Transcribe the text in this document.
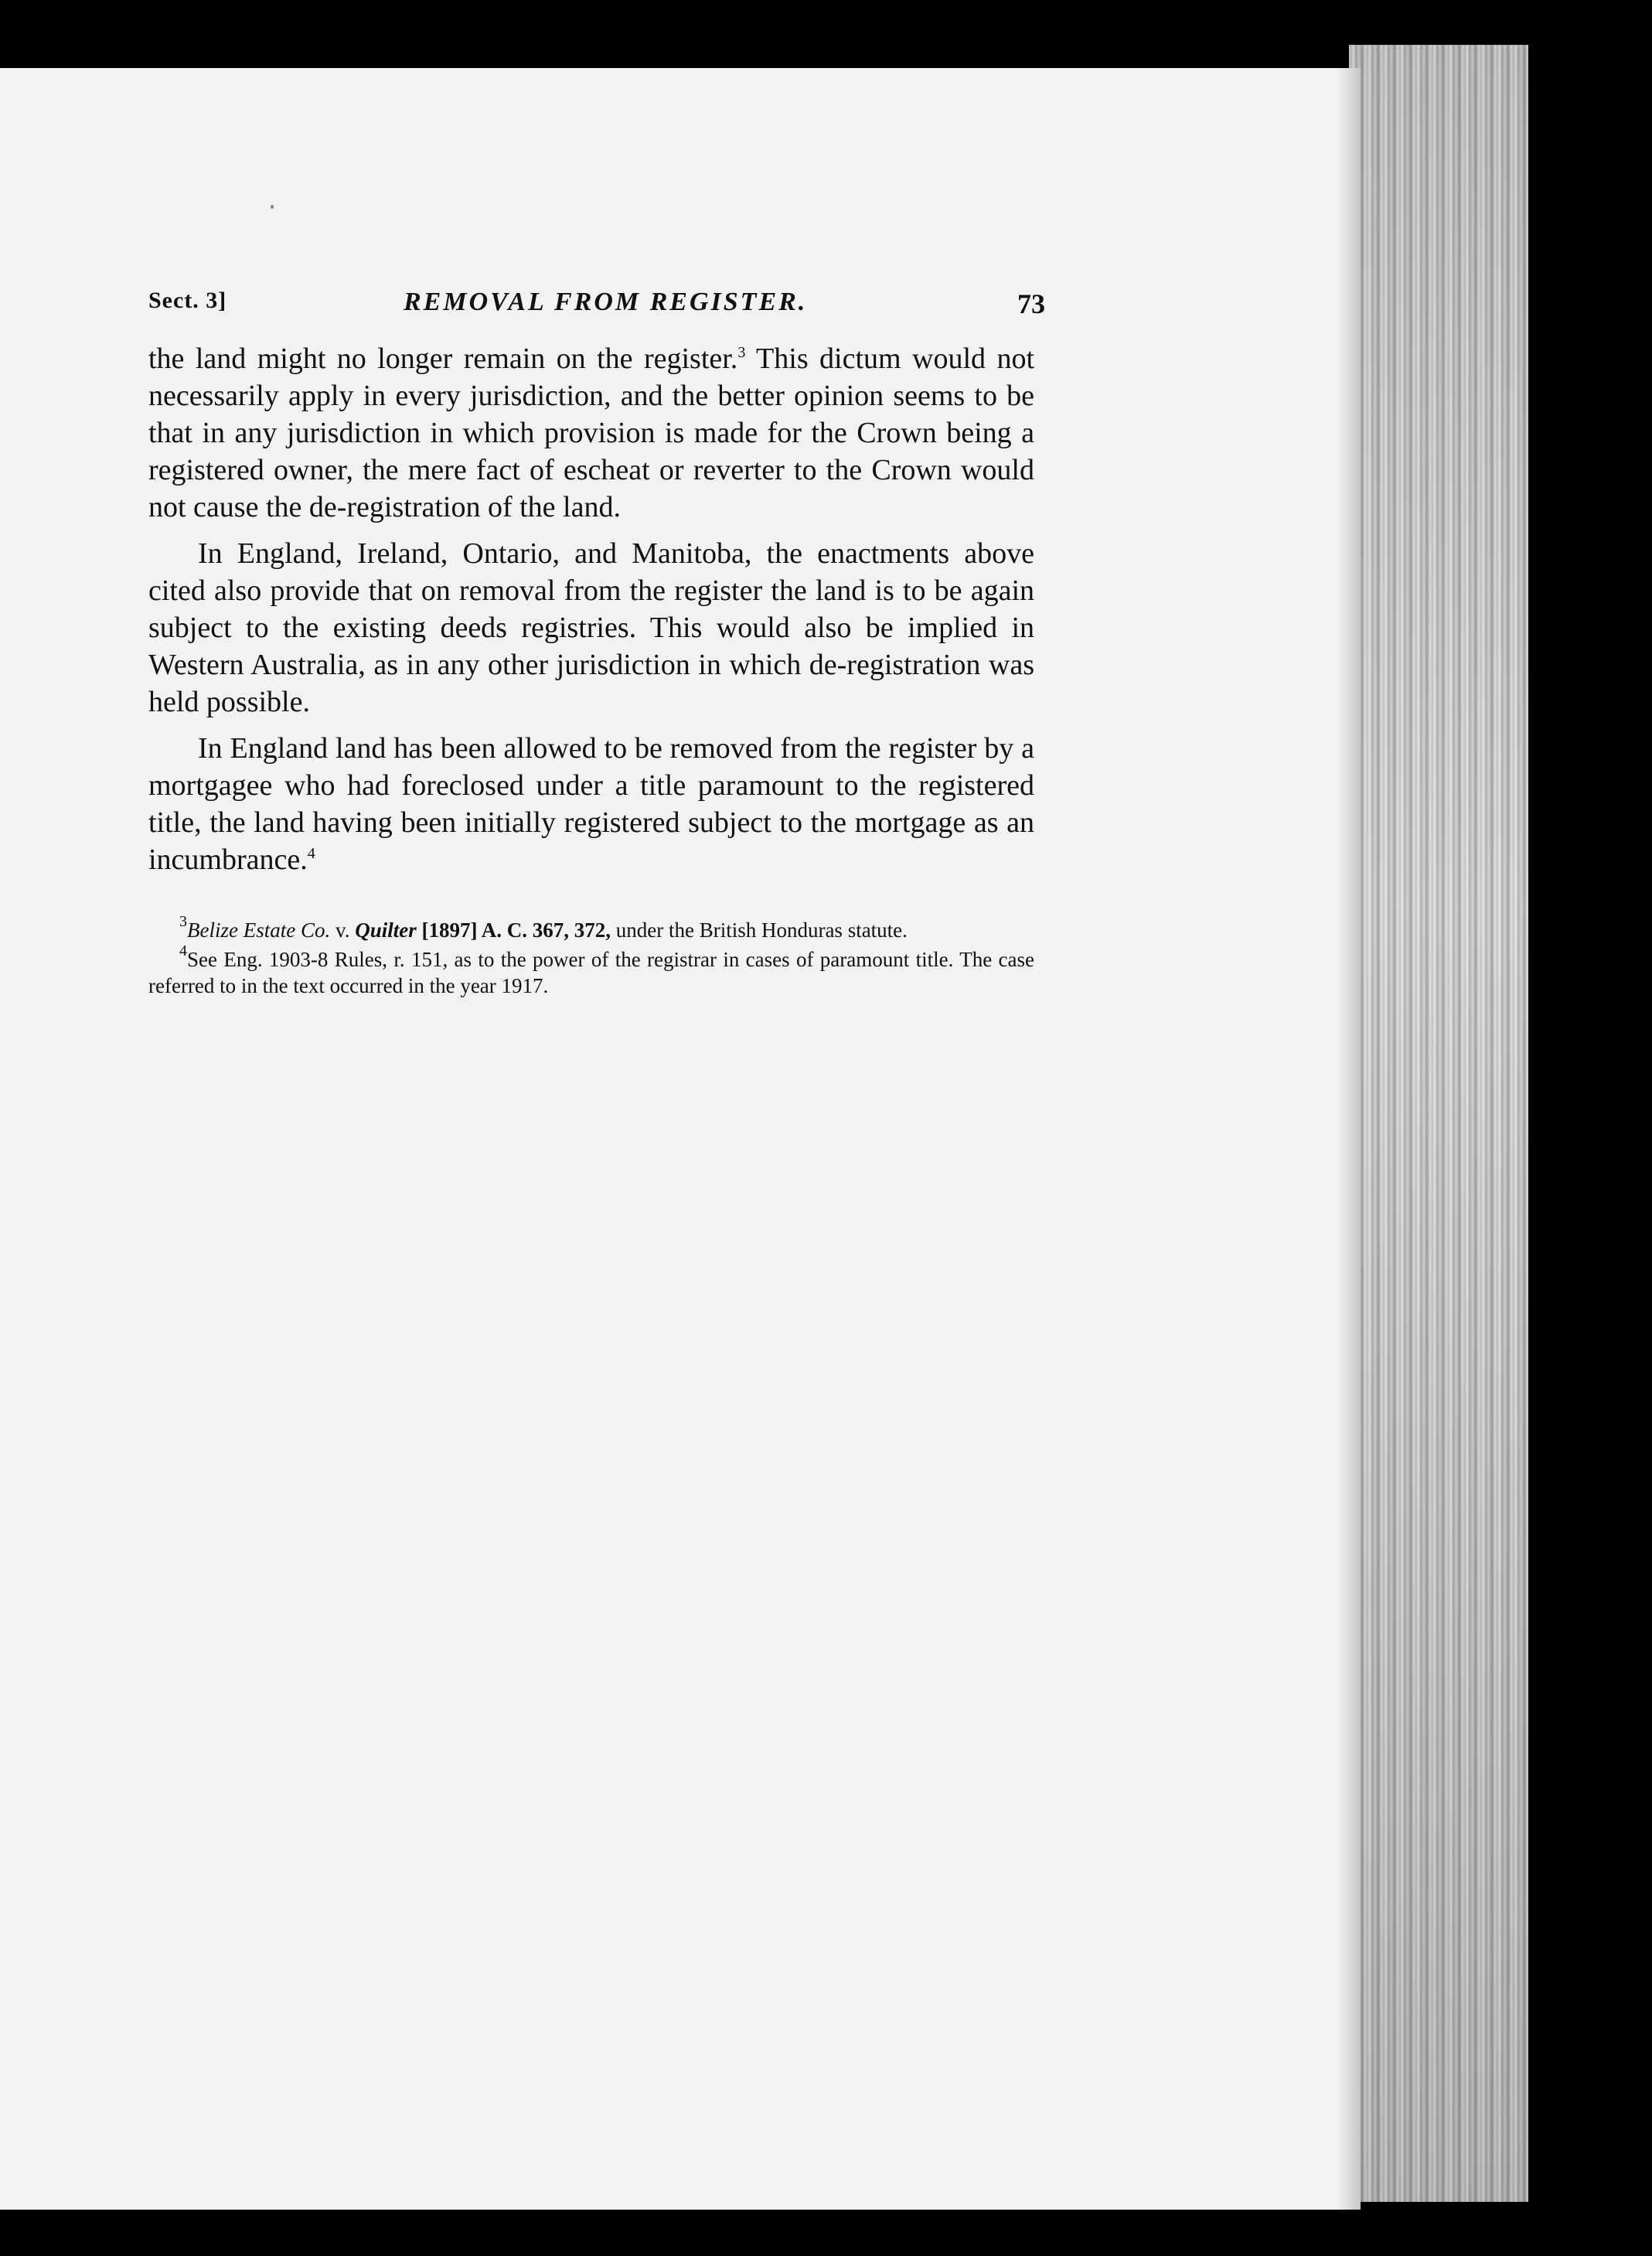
Sect. 3]	REMOVAL FROM REGISTER.	73

the land might no longer remain on the register.$^3$ This dictum would not necessarily apply in every jurisdiction, and the better opinion seems to be that in any jurisdiction in which provision is made for the Crown being a registered owner, the mere fact of escheat or reverter to the Crown would not cause the de-registration of the land.

In England, Ireland, Ontario, and Manitoba, the enactments above cited also provide that on removal from the register the land is to be again subject to the existing deeds registries. This would also be implied in Western Australia, as in any other jurisdiction in which de-registration was held possible.

In England land has been allowed to be removed from the register by a mortgagee who had foreclosed under a title paramount to the registered title, the land having been initially registered subject to the mortgage as an incumbrance.$^4$

$^3$Belize Estate Co. v. Quilter [1897] A. C. 367, 372, under the British Honduras statute.

$^4$See Eng. 1903-8 Rules, r. 151, as to the power of the registrar in cases of paramount title. The case referred to in the text occurred in the year 1917.
